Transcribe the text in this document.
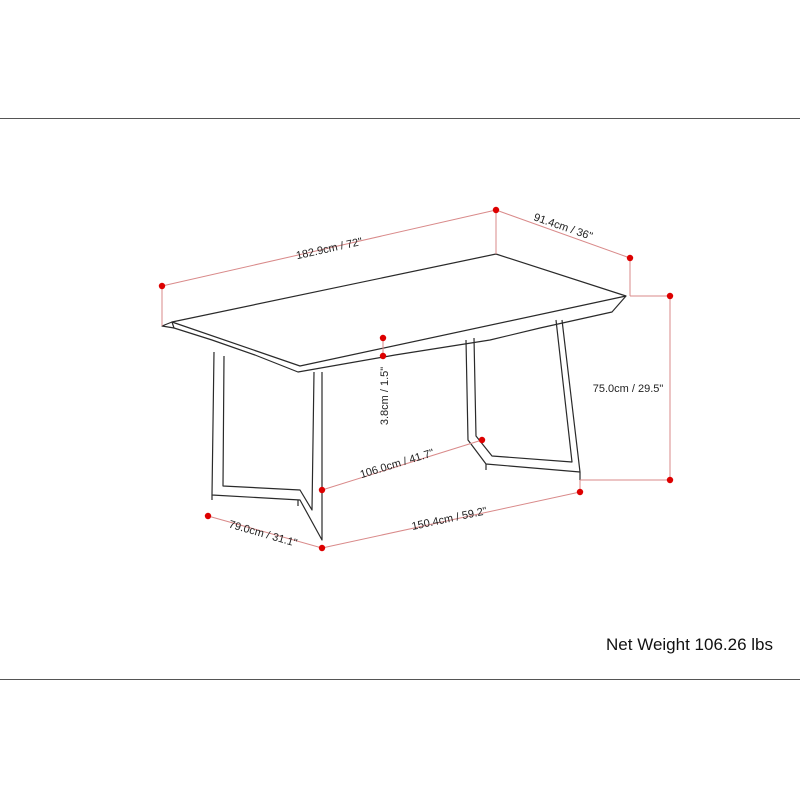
182.9cm / 72"
91.4cm / 36"
75.0cm / 29.5"
3.8cm / 1.5"
106.0cm / 41.7"
150.4cm / 59.2"
79.0cm / 31.1"
Net Weight 106.26 lbs
